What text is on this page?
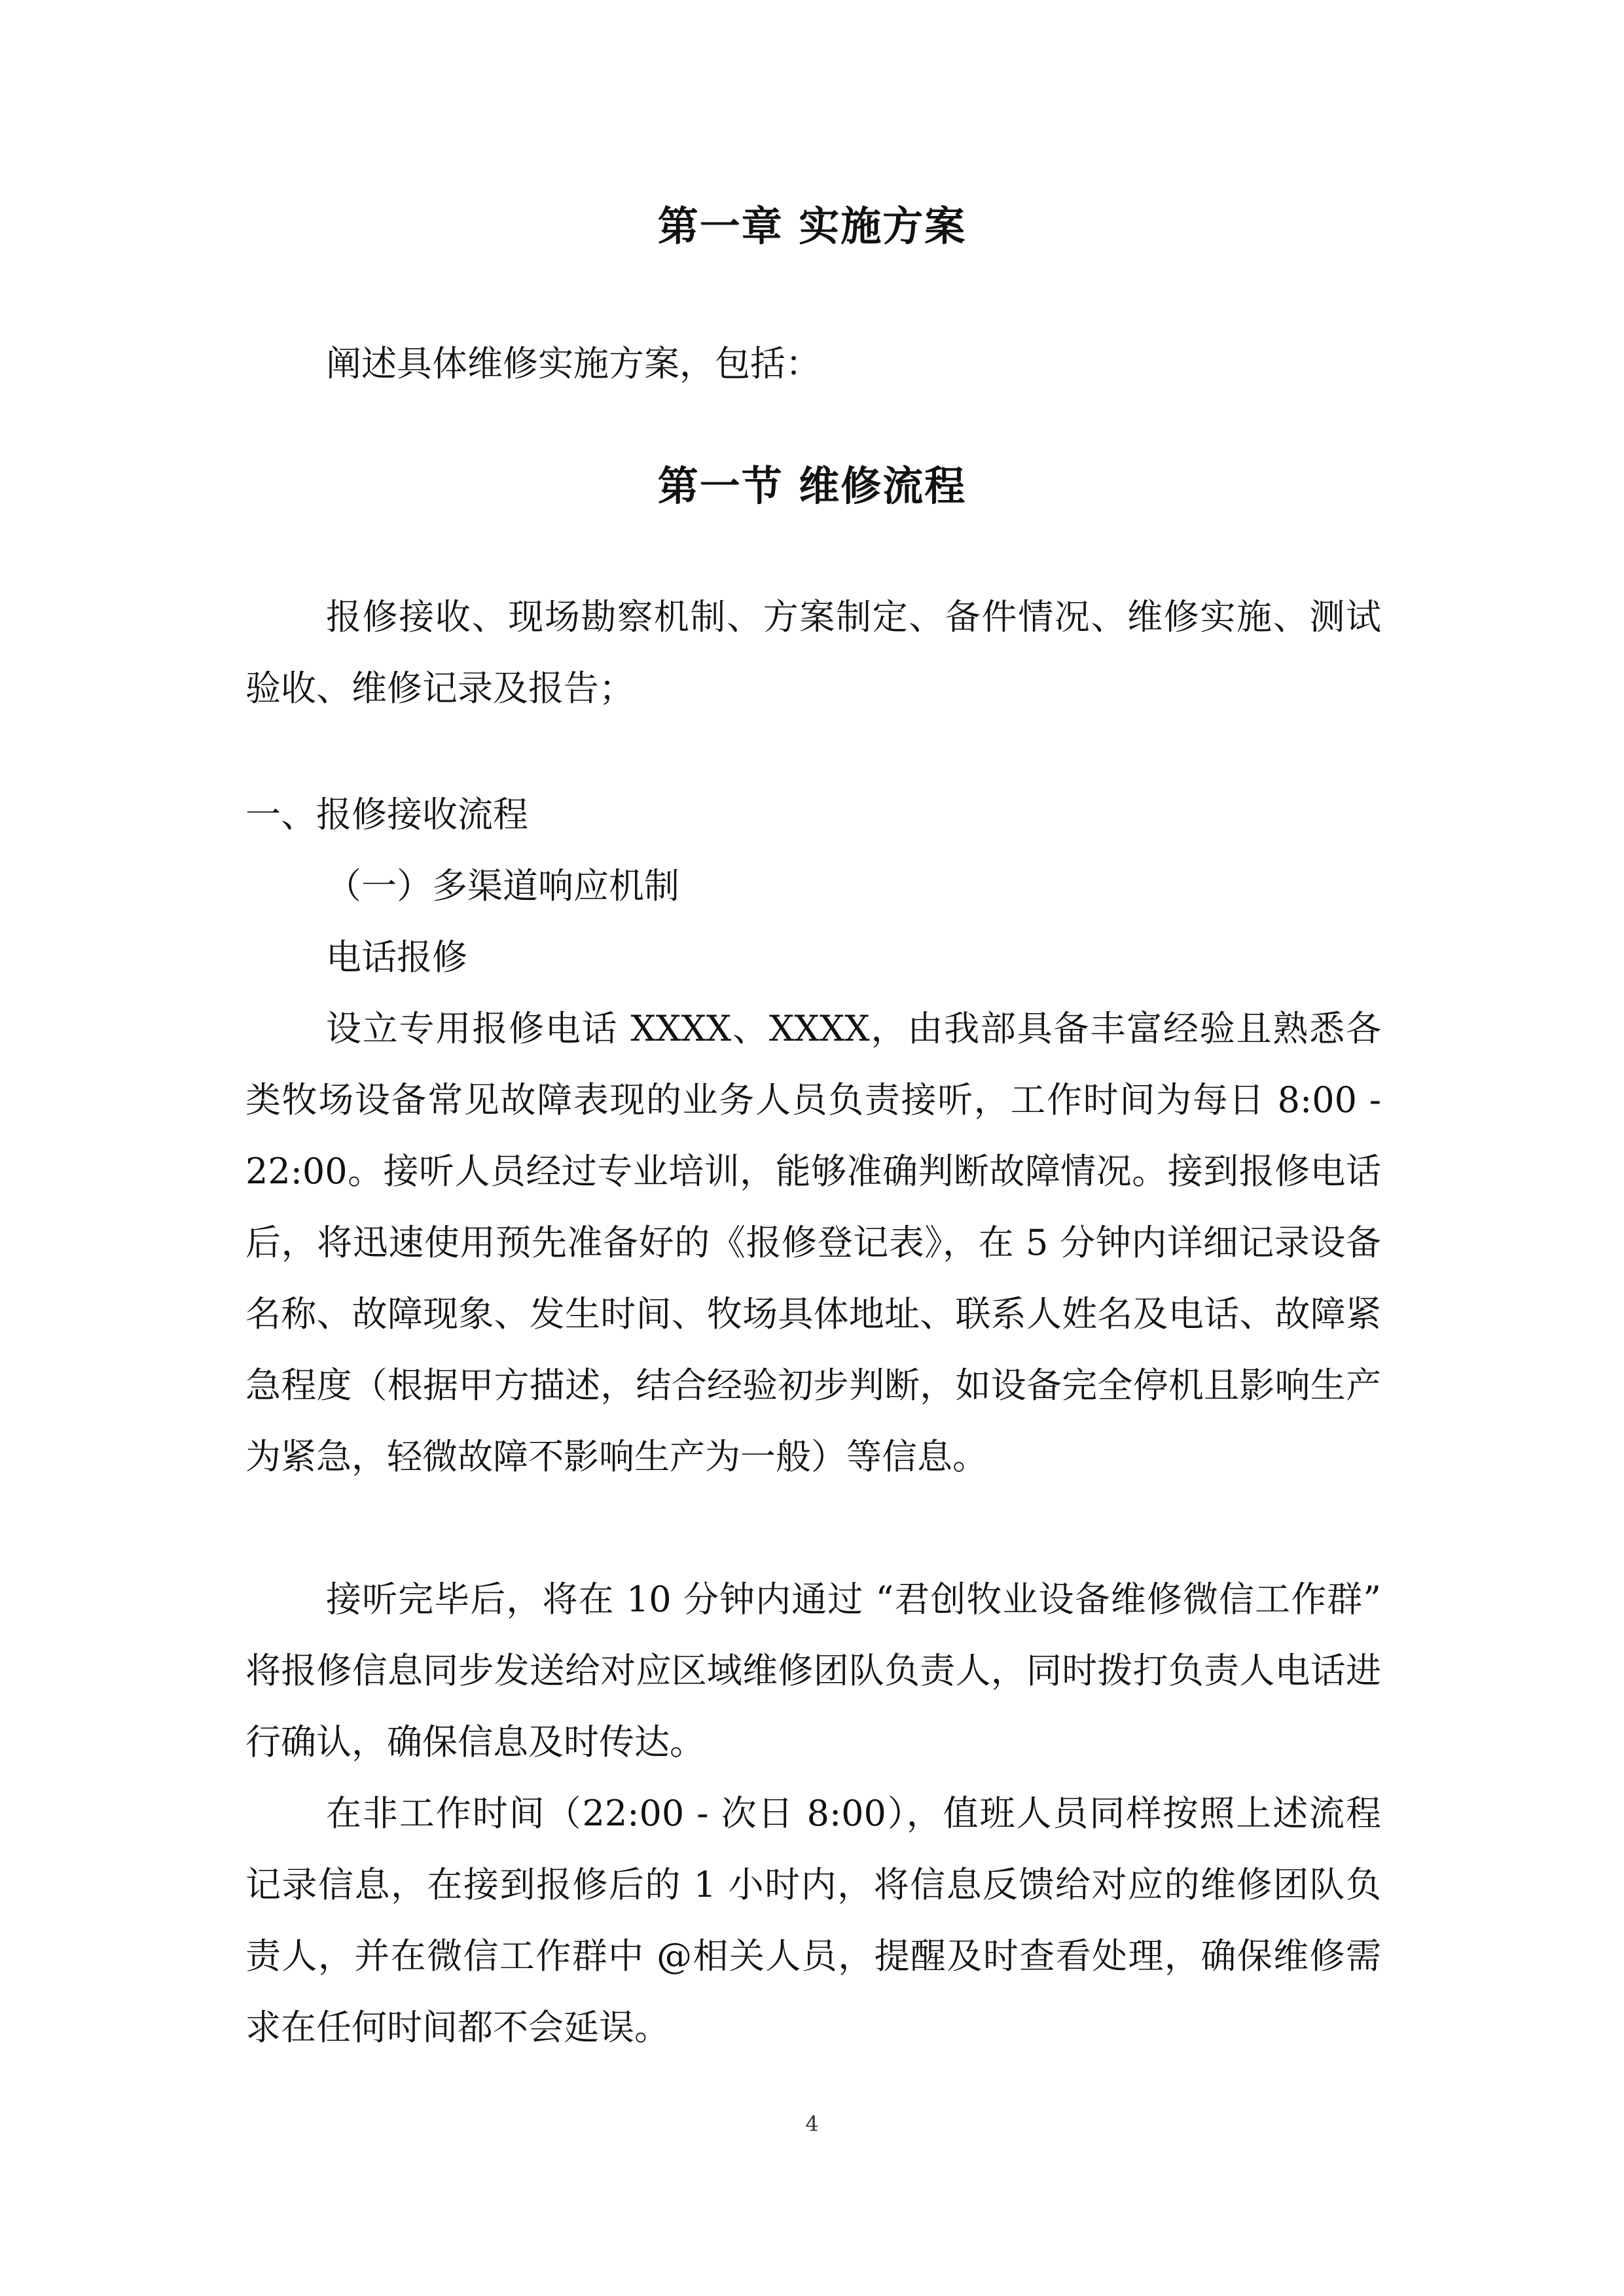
第一章 实施方案
阐述具体维修实施方案，包括：
第一节 维修流程

报修接收、现场勘察机制、方案制定、备件情况、维修实施、测试验收、维修记录及报告；

一、报修接收流程
（一）多渠道响应机制
电话报修

设立专用报修电话 XXXX、XXXX，由我部具备丰富经验且熟悉各类牧场设备常见故障表现的业务人员负责接听，工作时间为每日 8:00 - 22:00。接听人员经过专业培训，能够准确判断故障情况。接到报修电话后，将迅速使用预先准备好的《报修登记表》，在 5 分钟内详细记录设备名称、故障现象、发生时间、牧场具体地址、联系人姓名及电话、故障紧急程度（根据甲方描述，结合经验初步判断，如设备完全停机且影响生产为紧急，轻微故障不影响生产为一般）等信息。

接听完毕后，将在 10 分钟内通过 “君创牧业设备维修微信工作群” 将报修信息同步发送给对应区域维修团队负责人，同时拨打负责人电话进行确认，确保信息及时传达。

在非工作时间（22:00 - 次日 8:00），值班人员同样按照上述流程记录信息，在接到报修后的 1 小时内，将信息反馈给对应的维修团队负责人，并在微信工作群中 @相关人员，提醒及时查看处理，确保维修需求在任何时间都不会延误。

4
